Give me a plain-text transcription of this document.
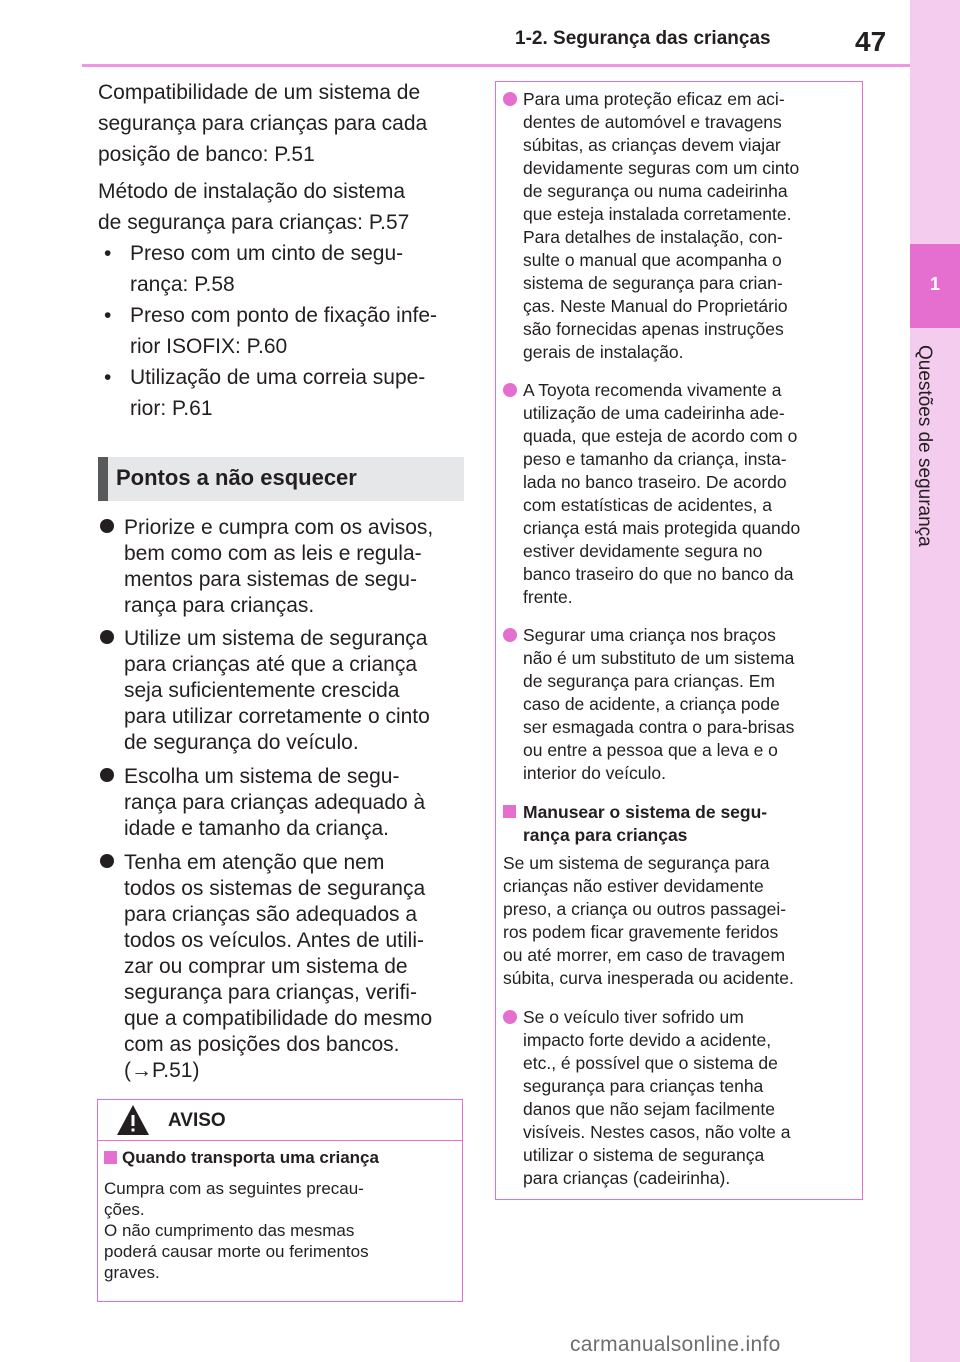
1-2. Segurança das crianças	47
1
Questões de segurança
Compatibilidade de um sistema de
segurança para crianças para cada
posição de banco: P.51
Método de instalação do sistema
de segurança para crianças: P.57
• Preso com um cinto de segu-
rança: P.58
• Preso com ponto de fixação infe-
rior ISOFIX: P.60
• Utilização de uma correia supe-
rior: P.61
Pontos a não esquecer
Priorize e cumpra com os avisos,
bem como com as leis e regula-
mentos para sistemas de segu-
rança para crianças.
Utilize um sistema de segurança
para crianças até que a criança
seja suficientemente crescida
para utilizar corretamente o cinto
de segurança do veículo.
Escolha um sistema de segu-
rança para crianças adequado à
idade e tamanho da criança.
Tenha em atenção que nem
todos os sistemas de segurança
para crianças são adequados a
todos os veículos. Antes de utili-
zar ou comprar um sistema de
segurança para crianças, verifi-
que a compatibilidade do mesmo
com as posições dos bancos.
(→P.51)
AVISO
Quando transporta uma criança
Cumpra com as seguintes precau-
ções.
O não cumprimento das mesmas
poderá causar morte ou ferimentos
graves.
Para uma proteção eficaz em aci-
dentes de automóvel e travagens
súbitas, as crianças devem viajar
devidamente seguras com um cinto
de segurança ou numa cadeirinha
que esteja instalada corretamente.
Para detalhes de instalação, con-
sulte o manual que acompanha o
sistema de segurança para crian-
ças. Neste Manual do Proprietário
são fornecidas apenas instruções
gerais de instalação.
A Toyota recomenda vivamente a
utilização de uma cadeirinha ade-
quada, que esteja de acordo com o
peso e tamanho da criança, insta-
lada no banco traseiro. De acordo
com estatísticas de acidentes, a
criança está mais protegida quando
estiver devidamente segura no
banco traseiro do que no banco da
frente.
Segurar uma criança nos braços
não é um substituto de um sistema
de segurança para crianças. Em
caso de acidente, a criança pode
ser esmagada contra o para-brisas
ou entre a pessoa que a leva e o
interior do veículo.
Manusear o sistema de segu-
rança para crianças
Se um sistema de segurança para
crianças não estiver devidamente
preso, a criança ou outros passagei-
ros podem ficar gravemente feridos
ou até morrer, em caso de travagem
súbita, curva inesperada ou acidente.
Se o veículo tiver sofrido um
impacto forte devido a acidente,
etc., é possível que o sistema de
segurança para crianças tenha
danos que não sejam facilmente
visíveis. Nestes casos, não volte a
utilizar o sistema de segurança
para crianças (cadeirinha).
carmanualsonline.info
